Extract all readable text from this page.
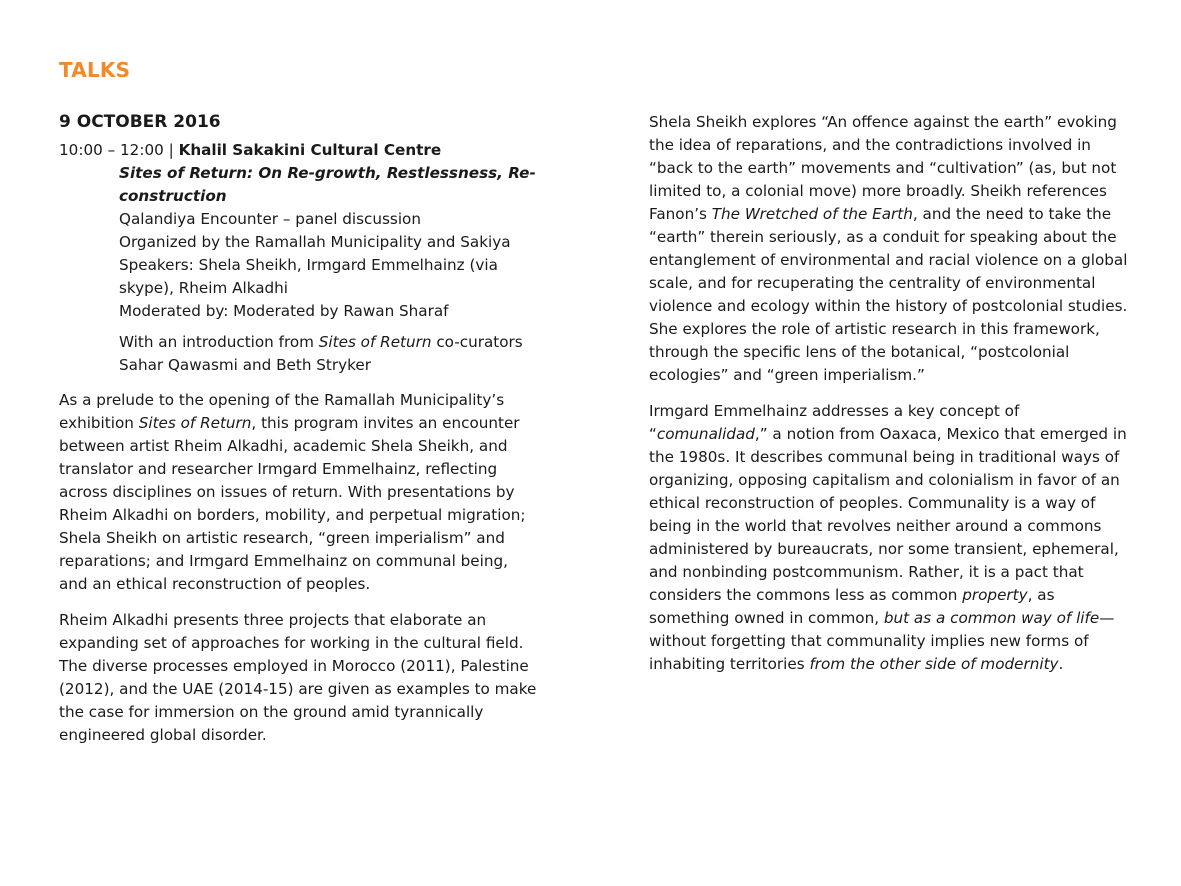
TALKS
9 OCTOBER 2016

10:00 – 12:00 | Khalil Sakakini Cultural Centre

Sites of Return: On Re-growth, Restlessness, Re-construction

Qalandiya Encounter – panel discussion

Organized by the Ramallah Municipality and Sakiya

Speakers: Shela Sheikh, Irmgard Emmelhainz (via skype), Rheim Alkadhi

Moderated by: Moderated by Rawan Sharaf

With an introduction from Sites of Return co-curators Sahar Qawasmi and Beth Stryker

As a prelude to the opening of the Ramallah Municipality’s exhibition Sites of Return, this program invites an encounter between artist Rheim Alkadhi, academic Shela Sheikh, and translator and researcher Irmgard Emmelhainz, reflecting across disciplines on issues of return. With presentations by Rheim Alkadhi on borders, mobility, and perpetual migration; Shela Sheikh on artistic research, “green imperialism” and reparations; and Irmgard Emmelhainz on communal being, and an ethical reconstruction of peoples.

Rheim Alkadhi presents three projects that elaborate an expanding set of approaches for working in the cultural field. The diverse processes employed in Morocco (2011), Palestine (2012), and the UAE (2014-15) are given as examples to make the case for immersion on the ground amid tyrannically engineered global disorder.

Shela Sheikh explores “An offence against the earth” evoking the idea of reparations, and the contradictions involved in “back to the earth” movements and “cultivation” (as, but not limited to, a colonial move) more broadly. Sheikh references Fanon’s The Wretched of the Earth, and the need to take the “earth” therein seriously, as a conduit for speaking about the entanglement of environmental and racial violence on a global scale, and for recuperating the centrality of environmental violence and ecology within the history of postcolonial studies. She explores the role of artistic research in this framework, through the specific lens of the botanical, “postcolonial ecologies” and “green imperialism.”

Irmgard Emmelhainz addresses a key concept of “comunalidad,” a notion from Oaxaca, Mexico that emerged in the 1980s. It describes communal being in traditional ways of organizing, opposing capitalism and colonialism in favor of an ethical reconstruction of peoples. Communality is a way of being in the world that revolves neither around a commons administered by bureaucrats, nor some transient, ephemeral, and nonbinding postcommunism. Rather, it is a pact that considers the commons less as common property, as something owned in common, but as a common way of life—without forgetting that communality implies new forms of inhabiting territories from the other side of modernity.
